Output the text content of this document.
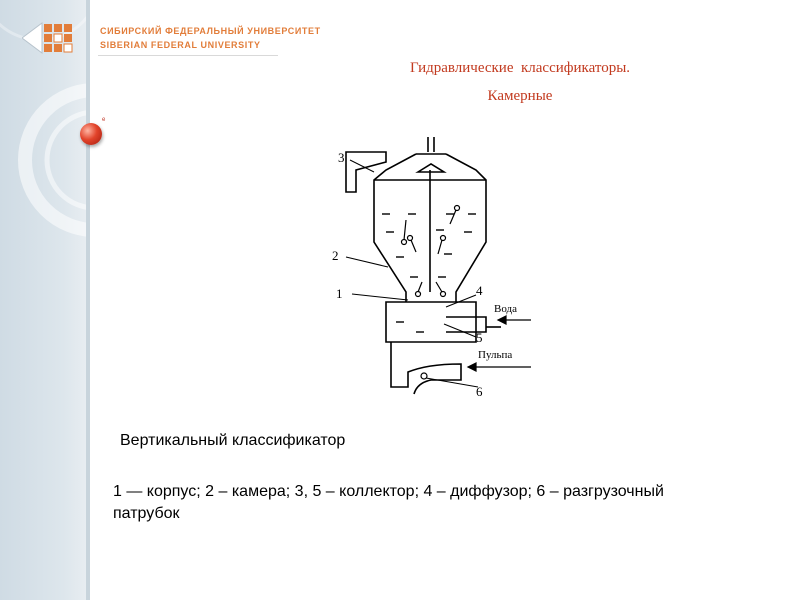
СИБИРСКИЙ ФЕДЕРАЛЬНЫЙ УНИВЕРСИТЕТ
SIBERIAN FEDERAL UNIVERSITY
e
Гидравлические  классификаторы.
Камерные
3
2
1	4
5
6
Вода
Пульпа
Вертикальный классификатор
1 — корпус; 2 – камера; 3, 5 – коллектор; 4 – диффузор; 6 – разгрузочный патрубок
